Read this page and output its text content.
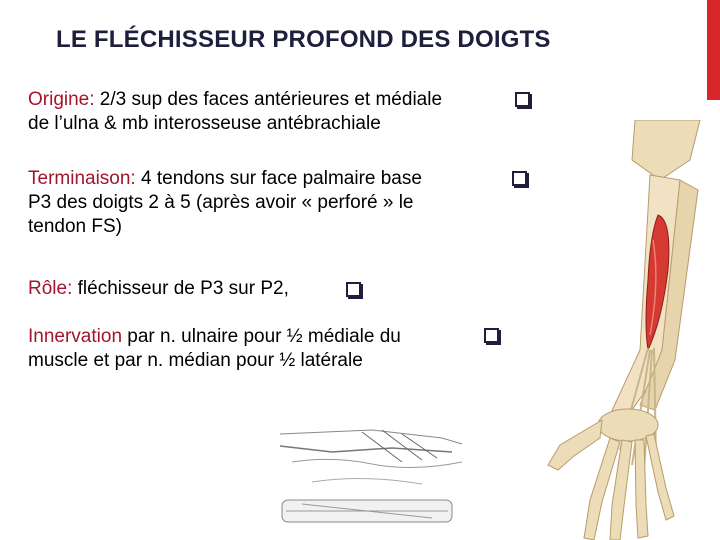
LE FLÉCHISSEUR PROFOND DES DOIGTS
Origine: 2/3 sup des faces antérieures et médiale
de l’ulna & mb interosseuse antébrachiale
Terminaison: 4 tendons sur face palmaire base
P3 des doigts 2 à 5 (après avoir « perforé » le
tendon FS)
Rôle: fléchisseur de P3 sur P2,
Innervation par n. ulnaire pour ½ médiale du
muscle et par n. médian pour ½ latérale
